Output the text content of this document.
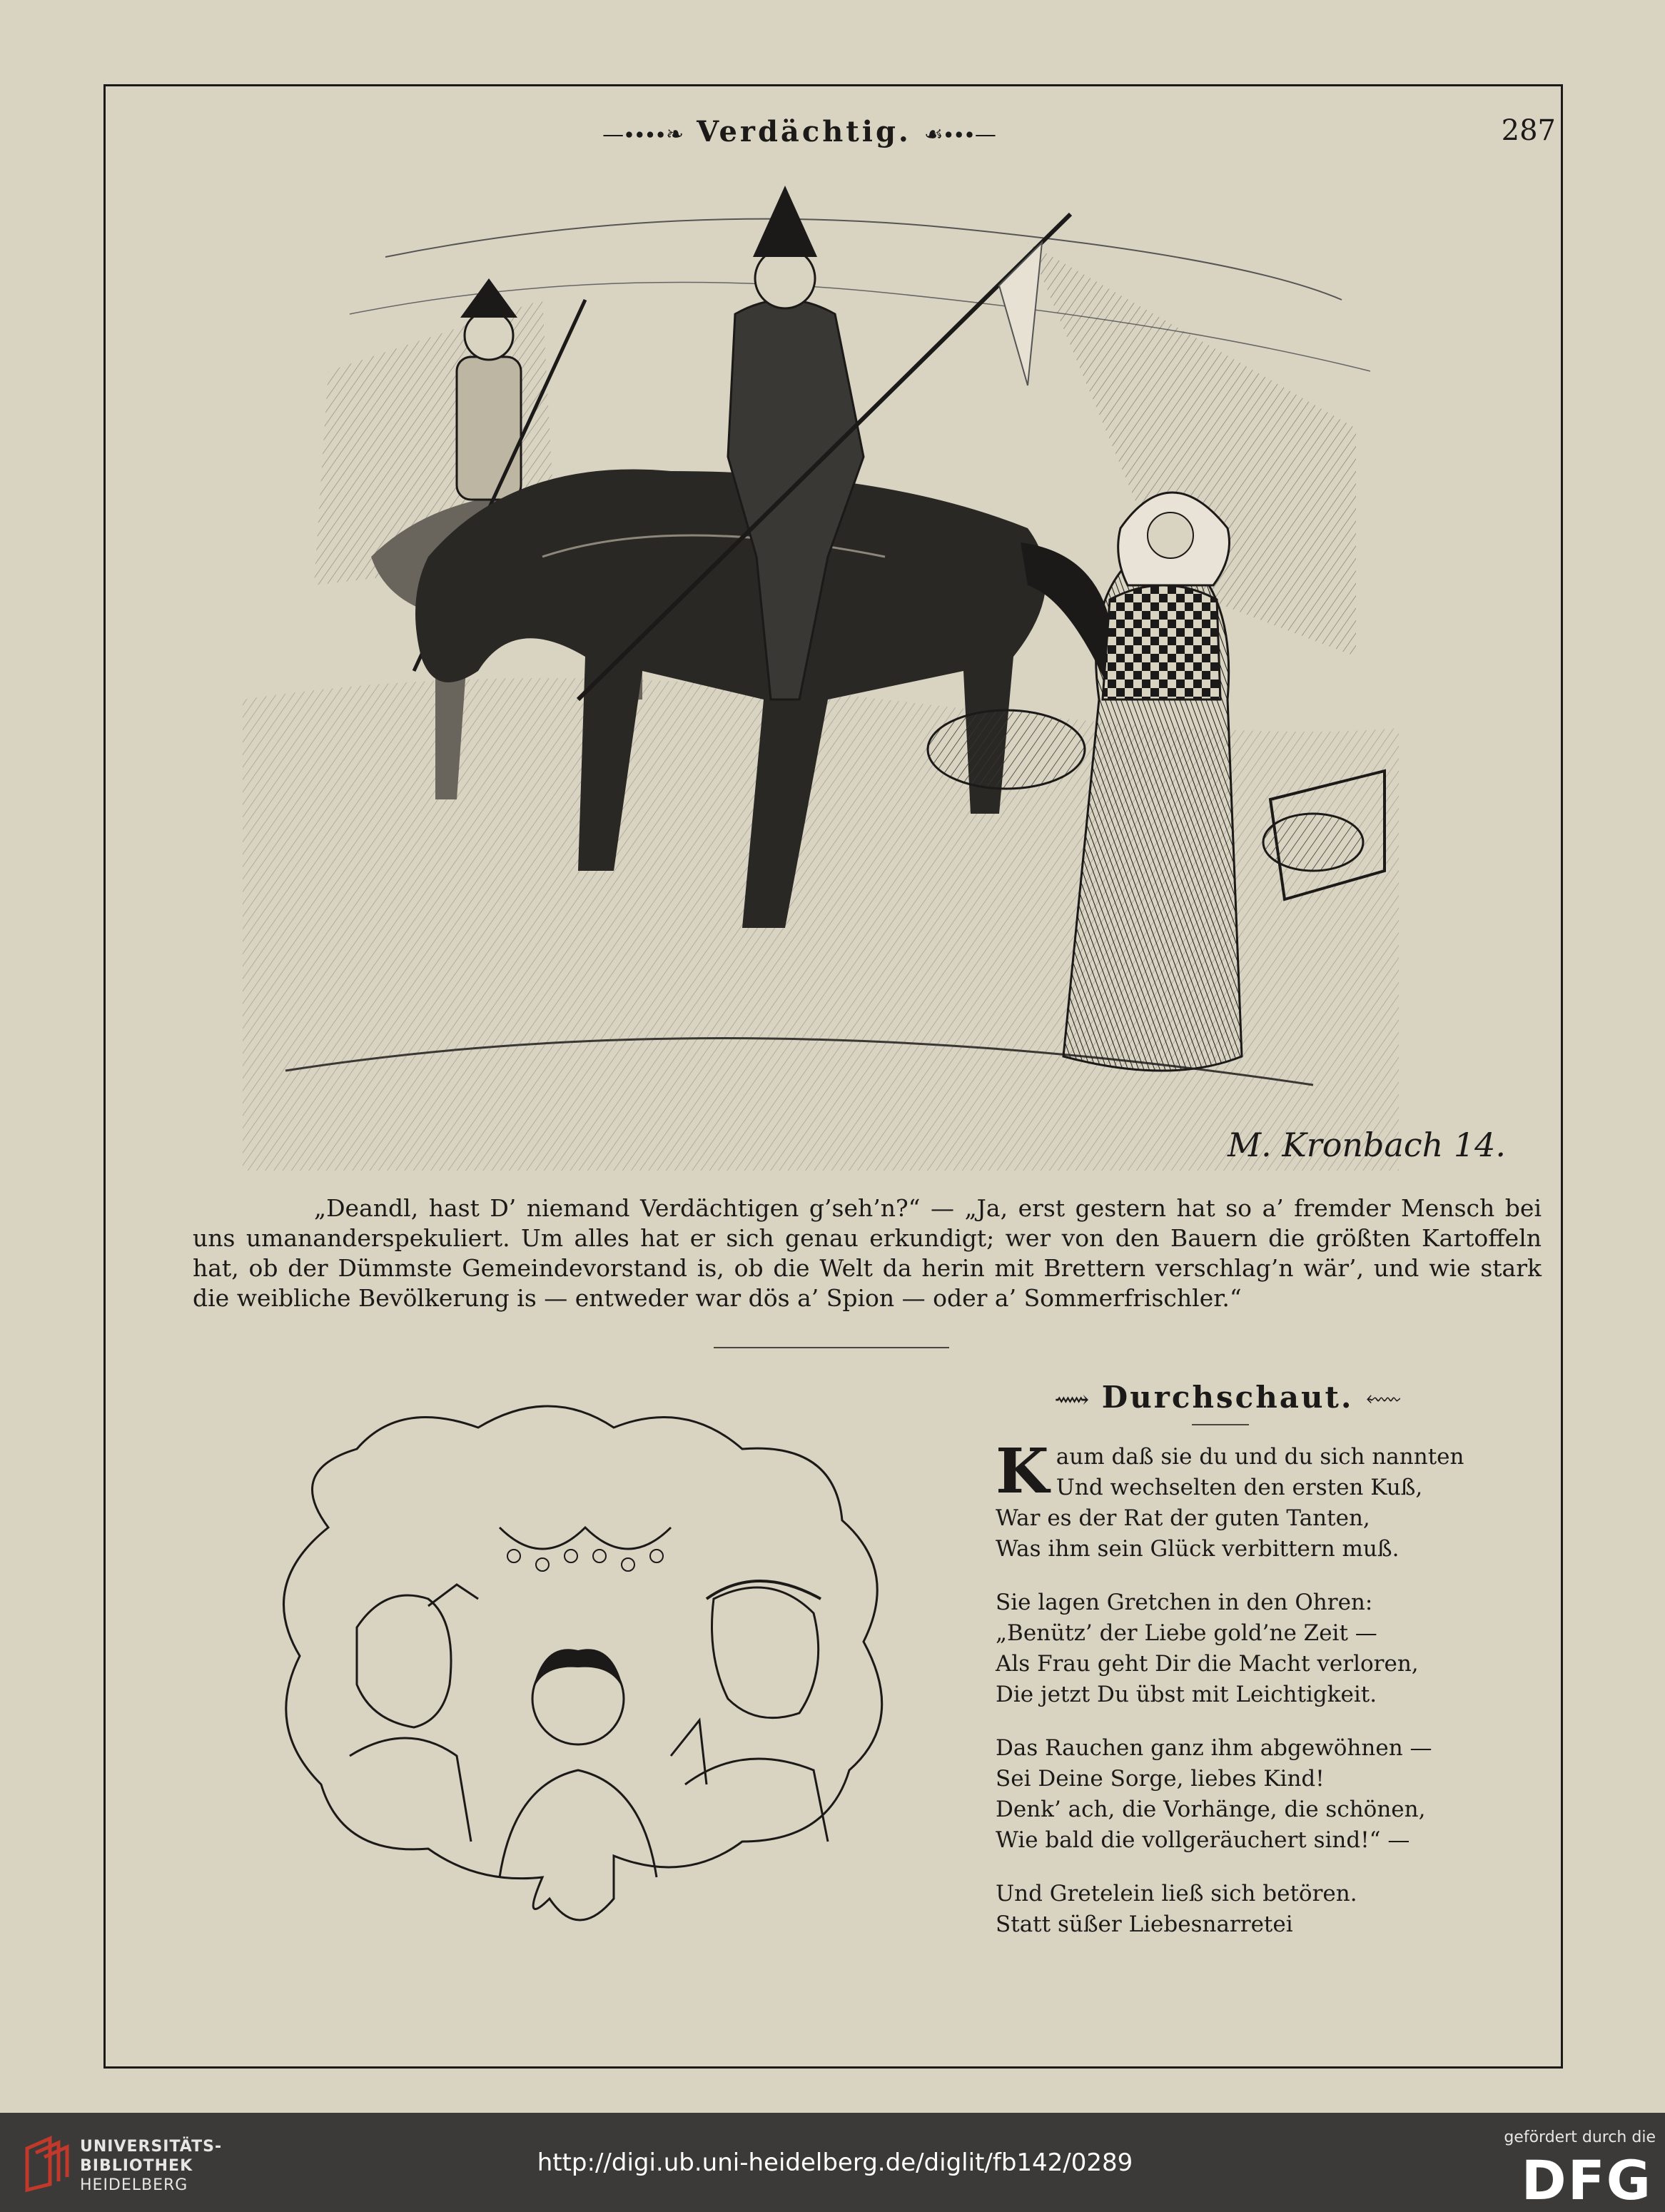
—∙∙∙∙❧ Verdächtig. ☙∙∙∙—	287
M. Kronbach 14.

„Deandl, hast D’ niemand Verdächtigen g’seh’n?“ — „Ja, erst gestern hat so a’ fremder Mensch bei uns umananderspekuliert. Um alles hat er sich genau erkundigt; wer von den Bauern die größten Kartoffeln hat, ob der Dümmste Gemeindevorstand is, ob die Welt da herin mit Brettern verschlag’n wär’, und wie stark die weibliche Bevölkerung is — entweder war dös a’ Spion — oder a’ Sommerfrischler.“

⟿ Durchschaut. ⬳
K aum daß sie du und du sich nannten
Und wechselten den ersten Kuß,
War es der Rat der guten Tanten,
Was ihm sein Glück verbittern muß.
Sie lagen Gretchen in den Ohren:
„Benütz’ der Liebe gold’ne Zeit —
Als Frau geht Dir die Macht verloren,
Die jetzt Du übst mit Leichtigkeit.
Das Rauchen ganz ihm abgewöhnen —
Sei Deine Sorge, liebes Kind!
Denk’ ach, die Vorhänge, die schönen,
Wie bald die vollgeräuchert sind!“ —
Und Gretelein ließ sich betören.
Statt süßer Liebesnarretei
UNIVERSITÄTS-
BIBLIOTHEK
HEIDELBERG
http://digi.ub.uni-heidelberg.de/diglit/fb142/0289
gefördert durch die
DFG
